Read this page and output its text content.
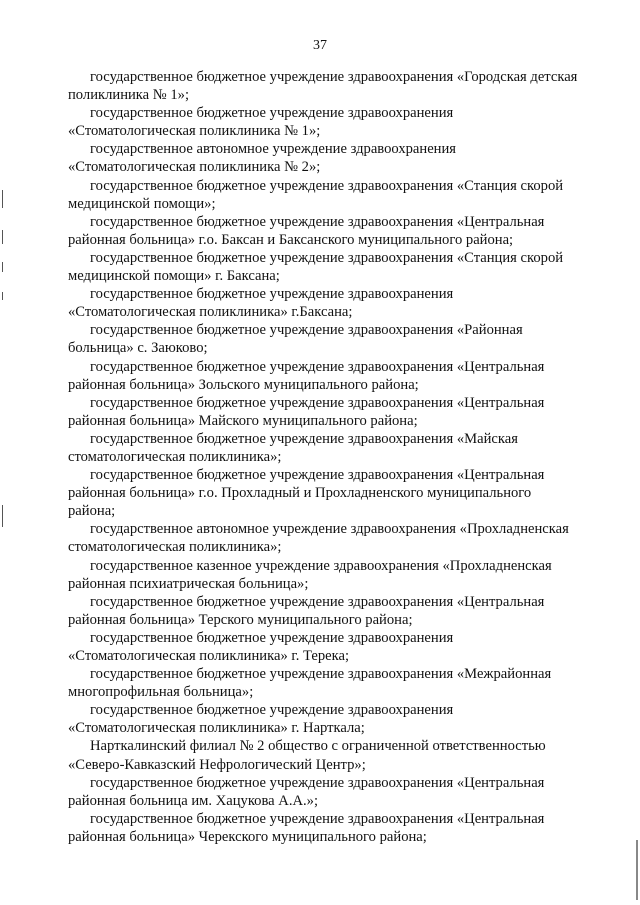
37
государственное бюджетное учреждение здравоохранения «Городская детская
поликлиника № 1»;
государственное бюджетное учреждение здравоохранения
«Стоматологическая поликлиника № 1»;
государственное автономное учреждение здравоохранения
«Стоматологическая поликлиника № 2»;
государственное бюджетное учреждение здравоохранения «Станция скорой
медицинской помощи»;
государственное бюджетное учреждение здравоохранения «Центральная
районная больница» г.о. Баксан и Баксанского муниципального района;
государственное бюджетное учреждение здравоохранения «Станция скорой
медицинской помощи» г. Баксана;
государственное бюджетное учреждение здравоохранения
«Стоматологическая поликлиника» г.Баксана;
государственное бюджетное учреждение здравоохранения «Районная
больница» с. Заюково;
государственное бюджетное учреждение здравоохранения «Центральная
районная больница» Зольского муниципального района;
государственное бюджетное учреждение здравоохранения «Центральная
районная больница» Майского муниципального района;
государственное бюджетное учреждение здравоохранения «Майская
стоматологическая поликлиника»;
государственное бюджетное учреждение здравоохранения «Центральная
районная больница» г.о. Прохладный и Прохладненского муниципального
района;
государственное автономное учреждение здравоохранения «Прохладненская
стоматологическая поликлиника»;
государственное казенное учреждение здравоохранения «Прохладненская
районная психиатрическая больница»;
государственное бюджетное учреждение здравоохранения «Центральная
районная больница» Терского муниципального района;
государственное бюджетное учреждение здравоохранения
«Стоматологическая поликлиника» г. Терека;
государственное бюджетное учреждение здравоохранения «Межрайонная
многопрофильная больница»;
государственное бюджетное учреждение здравоохранения
«Стоматологическая поликлиника» г. Нарткала;
Нарткалинский филиал № 2 общество с ограниченной ответственностью
«Северо-Кавказский Нефрологический Центр»;
государственное бюджетное учреждение здравоохранения «Центральная
районная больница им. Хацукова А.А.»;
государственное бюджетное учреждение здравоохранения «Центральная
районная больница» Черекского муниципального района;
